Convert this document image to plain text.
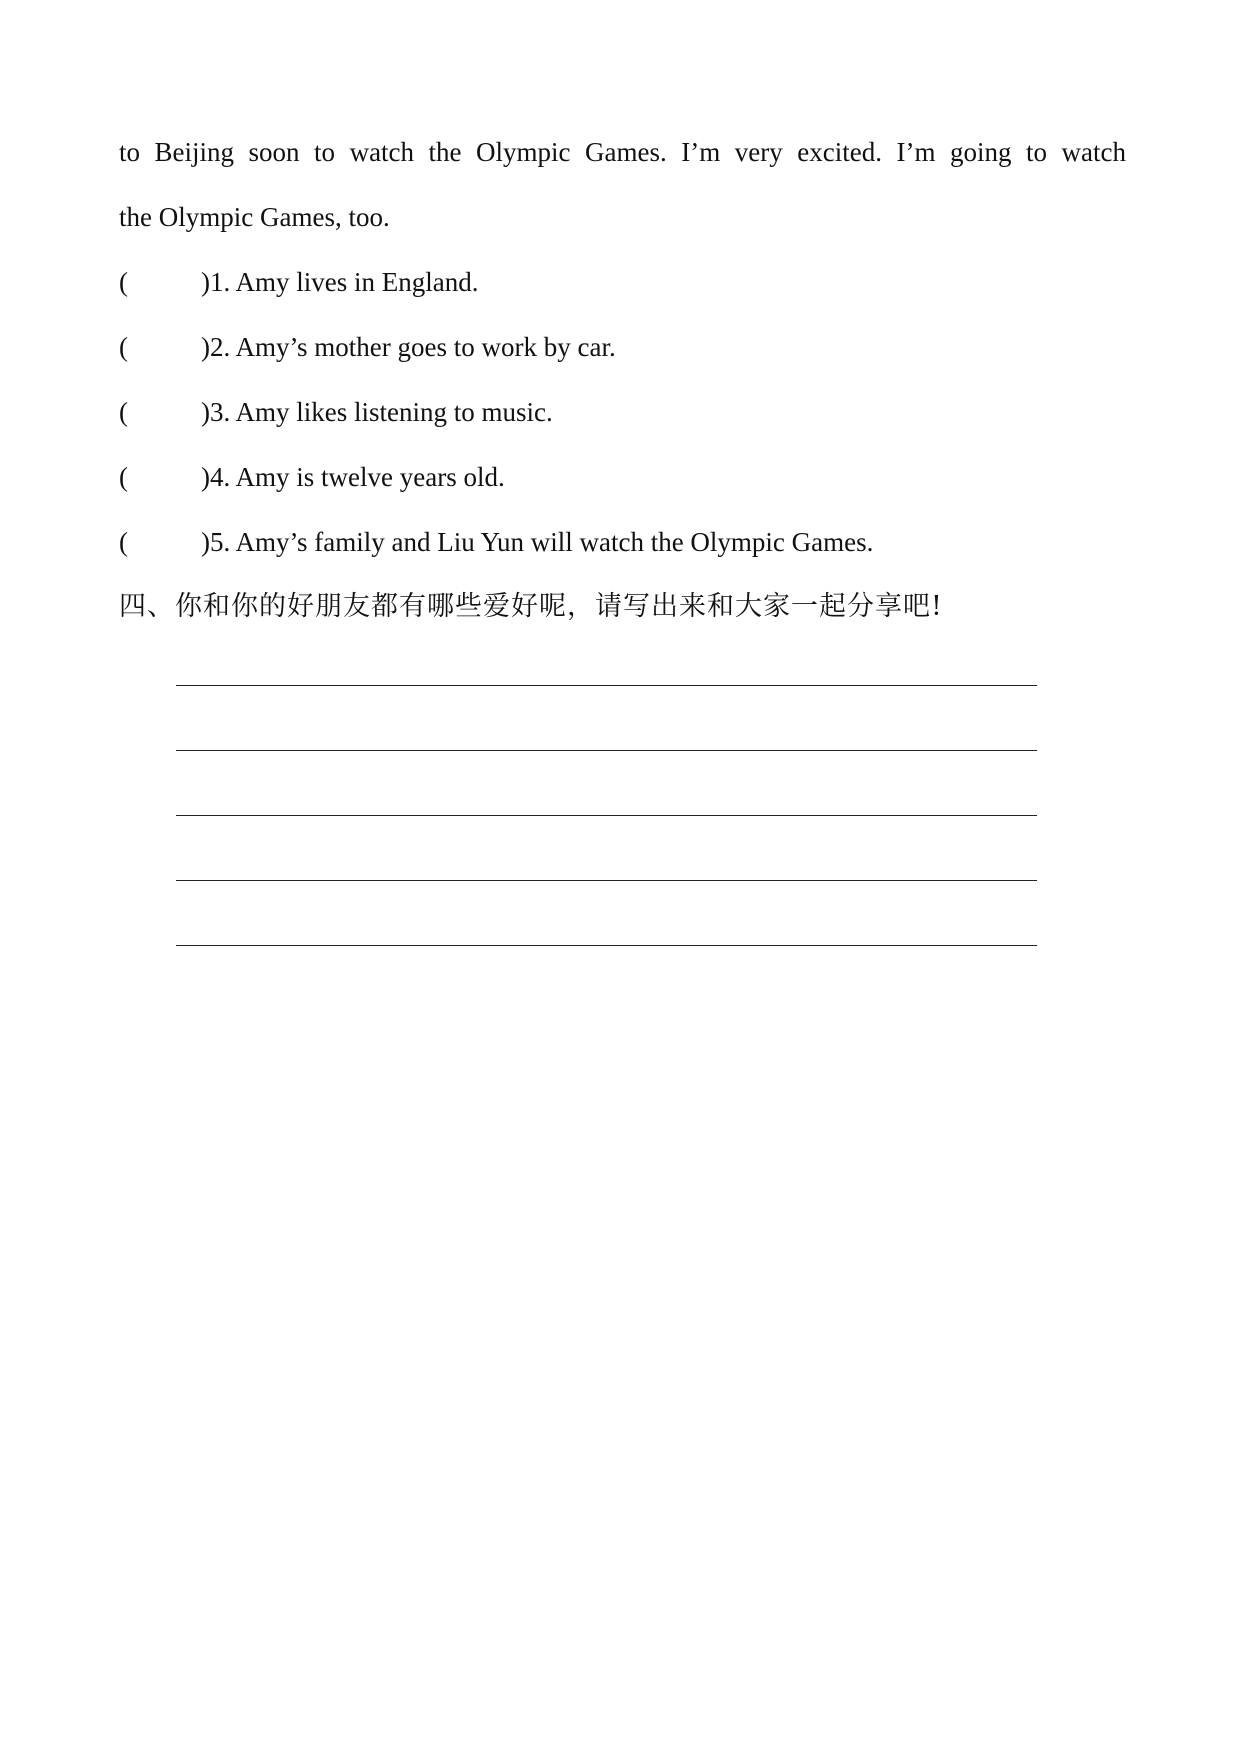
to Beijing soon to watch the Olympic Games. I’m very excited. I’m going to watch
the Olympic Games, too.
(	)1. Amy lives in England.
(	)2. Amy’s mother goes to work by car.
(	)3. Amy likes listening to music.
(	)4. Amy is twelve years old.
(	)5. Amy’s family and Liu Yun will watch the Olympic Games.
四、你和你的好朋友都有哪些爱好呢，请写出来和大家一起分享吧!
